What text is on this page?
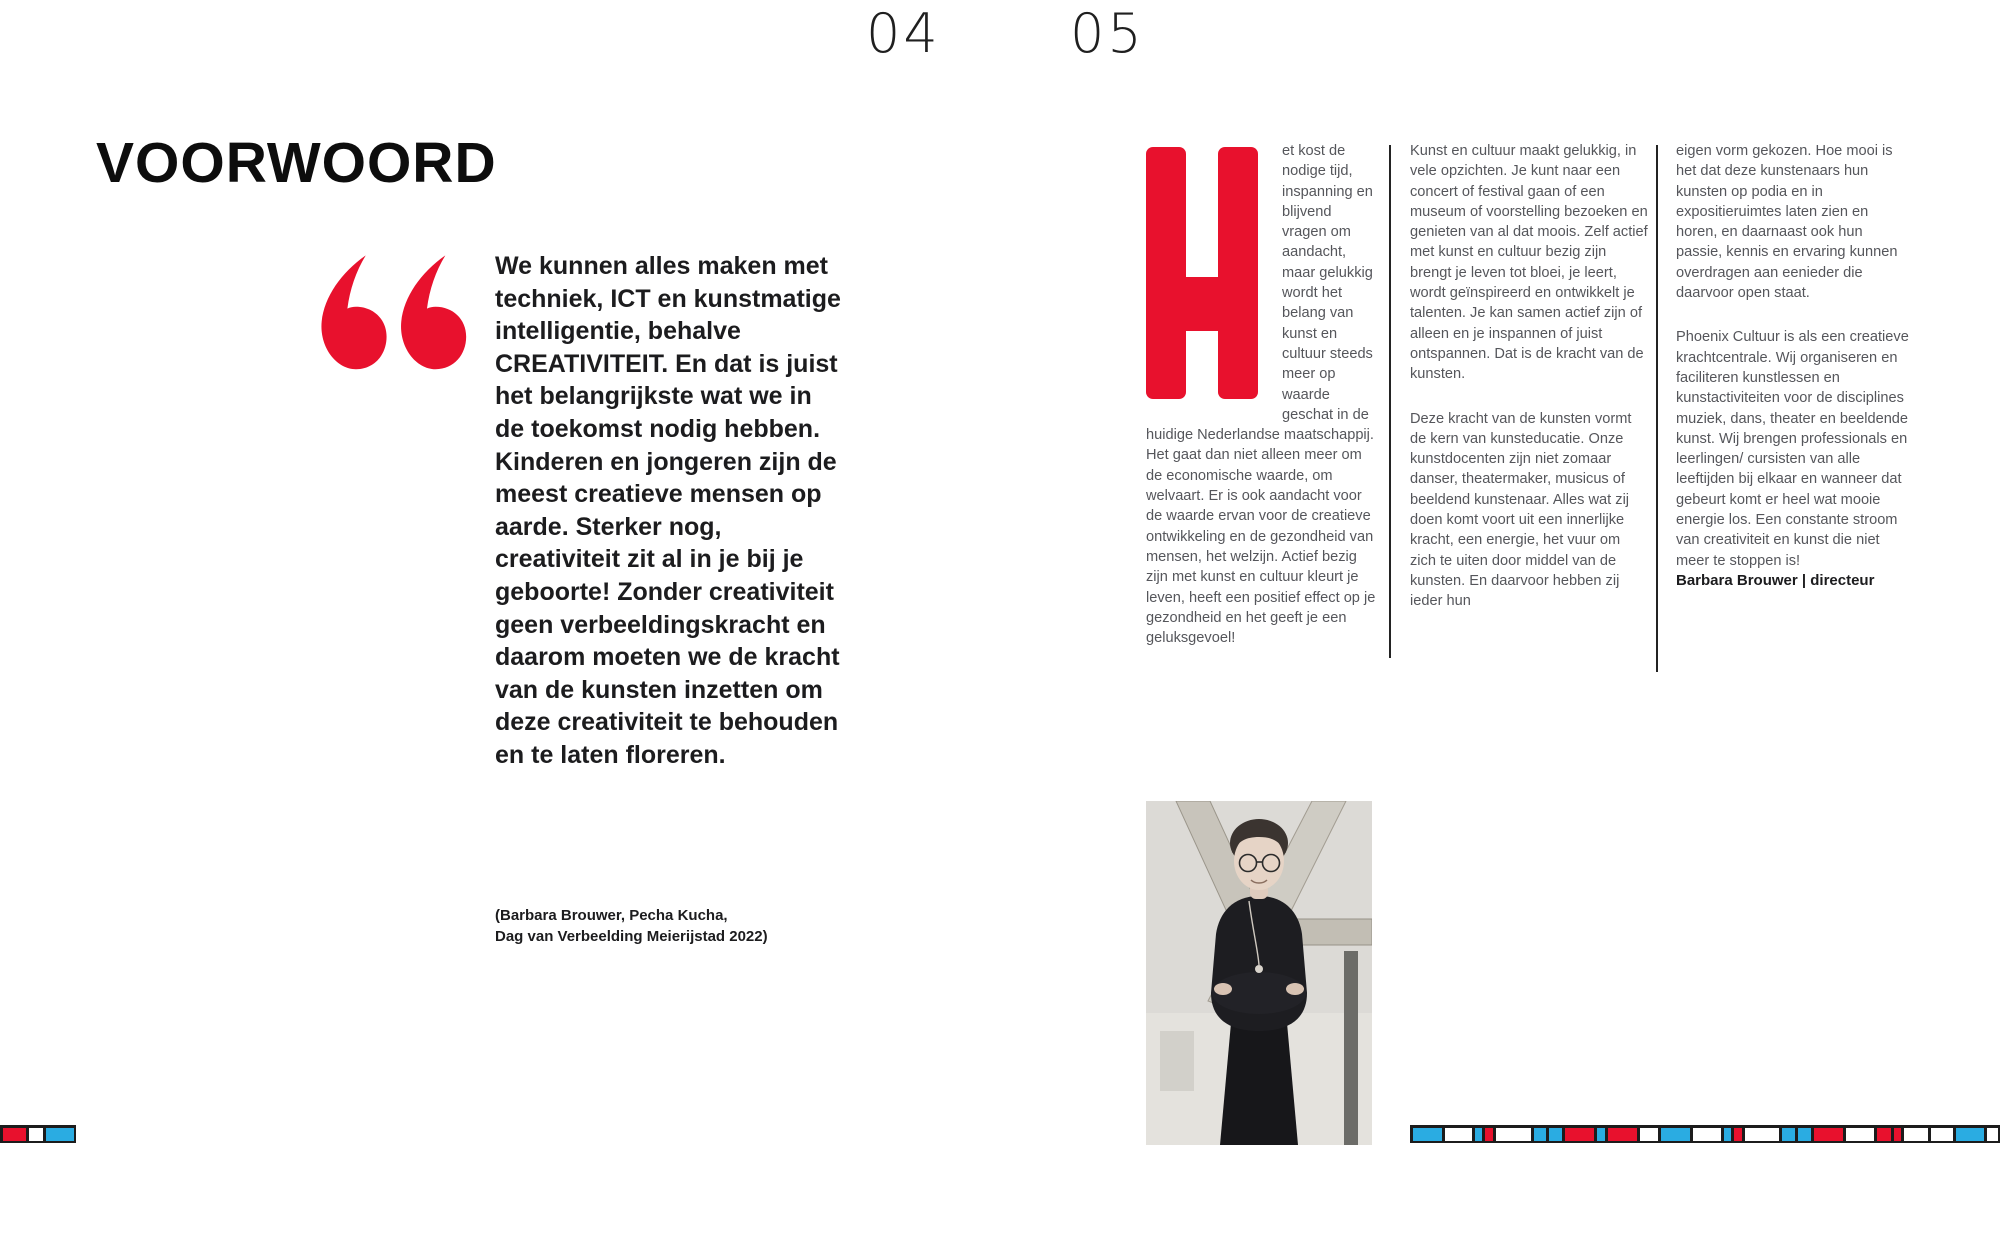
04 05
VOORWOORD
We kunnen alles maken met techniek, ICT en kunstmatige intelligentie, behalve CREATIVITEIT. En dat is juist het belangrijkste wat we in de toekomst nodig hebben. Kinderen en jongeren zijn de meest creatieve mensen op aarde. Sterker nog, creativiteit zit al in je bij je geboorte! Zonder creativiteit geen verbeeldingskracht en daarom moeten we de kracht van de kunsten inzetten om deze creativiteit te behouden en te laten floreren.
(Barbara Brouwer, Pecha Kucha,
Dag van Verbeelding Meierijstad 2022)

et kost de nodige tijd, inspanning en blijvend vragen om aandacht, maar gelukkig wordt het belang van kunst en cultuur steeds meer op waarde geschat in de huidige Nederlandse maatschappij. Het gaat dan niet alleen meer om de economische waarde, om welvaart. Er is ook aandacht voor de waarde ervan voor de creatieve ontwikkeling en de gezondheid van mensen, het welzijn. Actief bezig zijn met kunst en cultuur kleurt je leven, heeft een positief effect op je gezondheid en het geeft je een geluksgevoel!

Kunst en cultuur maakt gelukkig, in vele opzichten. Je kunt naar een concert of festival gaan of een museum of voorstelling bezoeken en genieten van al dat moois. Zelf actief met kunst en cultuur bezig zijn brengt je leven tot bloei, je leert, wordt geïnspireerd en ontwikkelt je talenten. Je kan samen actief zijn of alleen en je inspannen of juist ontspannen. Dat is de kracht van de kunsten.

Deze kracht van de kunsten vormt de kern van kunsteducatie. Onze kunstdocenten zijn niet zomaar danser, theatermaker, musicus of beeldend kunstenaar. Alles wat zij doen komt voort uit een innerlijke kracht, een energie, het vuur om zich te uiten door middel van de kunsten. En daarvoor hebben zij ieder hun

eigen vorm gekozen. Hoe mooi is het dat deze kunstenaars hun kunsten op podia en in expositieruimtes laten zien en horen, en daarnaast ook hun passie, kennis en ervaring kunnen overdragen aan eenieder die daarvoor open staat.

Phoenix Cultuur is als een creatieve krachtcentrale. Wij organiseren en faciliteren kunstlessen en kunstactiviteiten voor de disciplines muziek, dans, theater en beeldende kunst. Wij brengen professionals en leerlingen/ cursisten van alle leeftijden bij elkaar en wanneer dat gebeurt komt er heel wat mooie energie los. Een constante stroom van creativiteit en kunst die niet meer te stoppen is!

Barbara Brouwer | directeur
